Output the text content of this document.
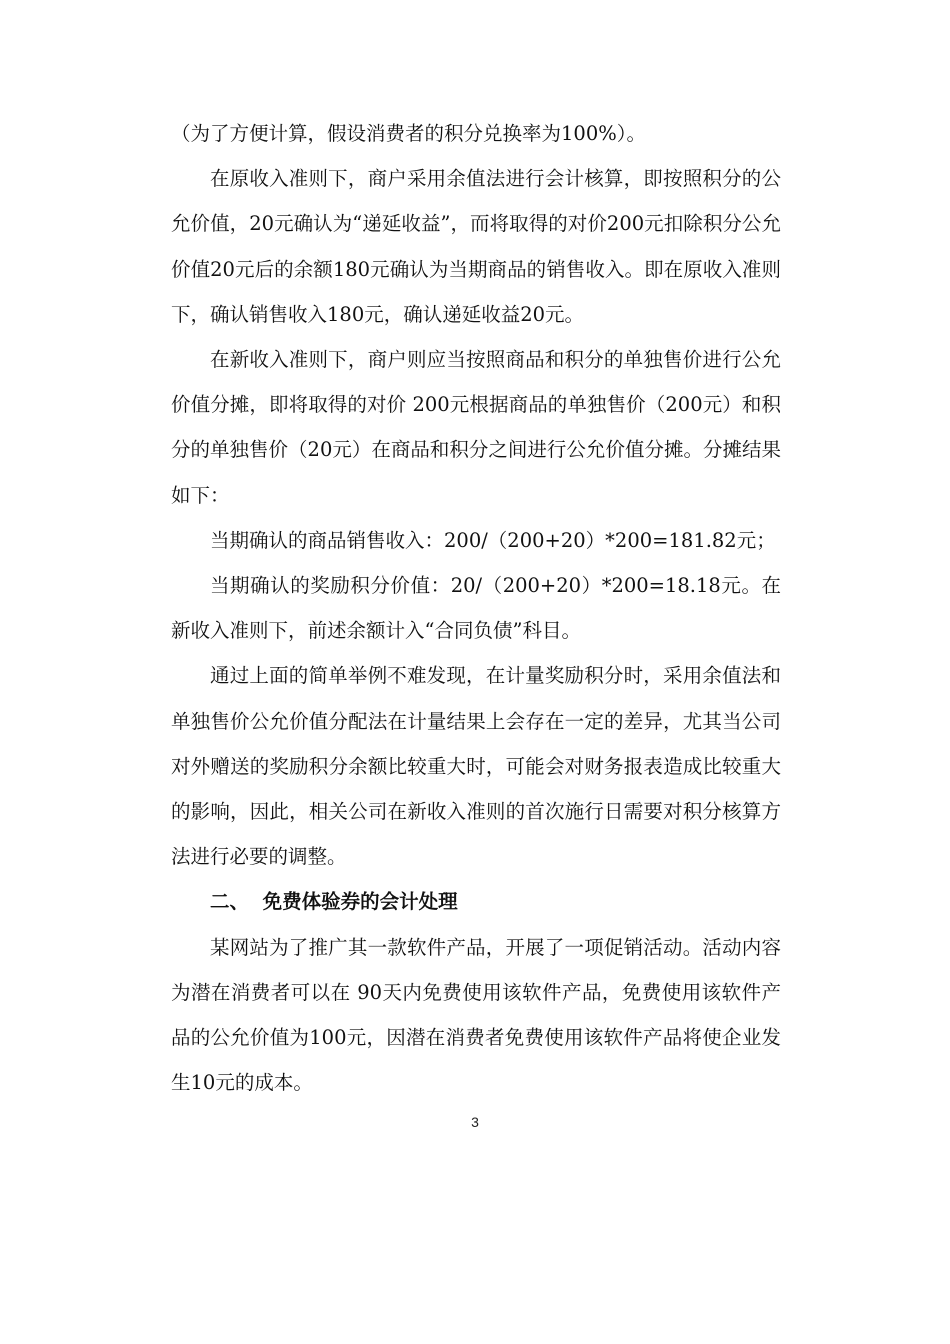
（为了方便计算，假设消费者的积分兑换率为100%）。

在原收入准则下，商户采用余值法进行会计核算，即按照积分的公允价值，20元确认为“递延收益”，而将取得的对价200元扣除积分公允价值20元后的余额180元确认为当期商品的销售收入。即在原收入准则下，确认销售收入180元，确认递延收益20元。

在新收入准则下，商户则应当按照商品和积分的单独售价进行公允价值分摊，即将取得的对价 200元根据商品的单独售价（200元）和积分的单独售价（20元）在商品和积分之间进行公允价值分摊。分摊结果如下：

当期确认的商品销售收入：200/（200+20）*200=181.82元；

当期确认的奖励积分价值：20/（200+20）*200=18.18元。在新收入准则下，前述余额计入“合同负债”科目。

通过上面的简单举例不难发现，在计量奖励积分时，采用余值法和单独售价公允价值分配法在计量结果上会存在一定的差异，尤其当公司对外赠送的奖励积分余额比较重大时，可能会对财务报表造成比较重大的影响，因此，相关公司在新收入准则的首次施行日需要对积分核算方法进行必要的调整。

二、  免费体验券的会计处理

某网站为了推广其一款软件产品，开展了一项促销活动。活动内容为潜在消费者可以在 90天内免费使用该软件产品，免费使用该软件产品的公允价值为100元，因潜在消费者免费使用该软件产品将使企业发生10元的成本。

3
